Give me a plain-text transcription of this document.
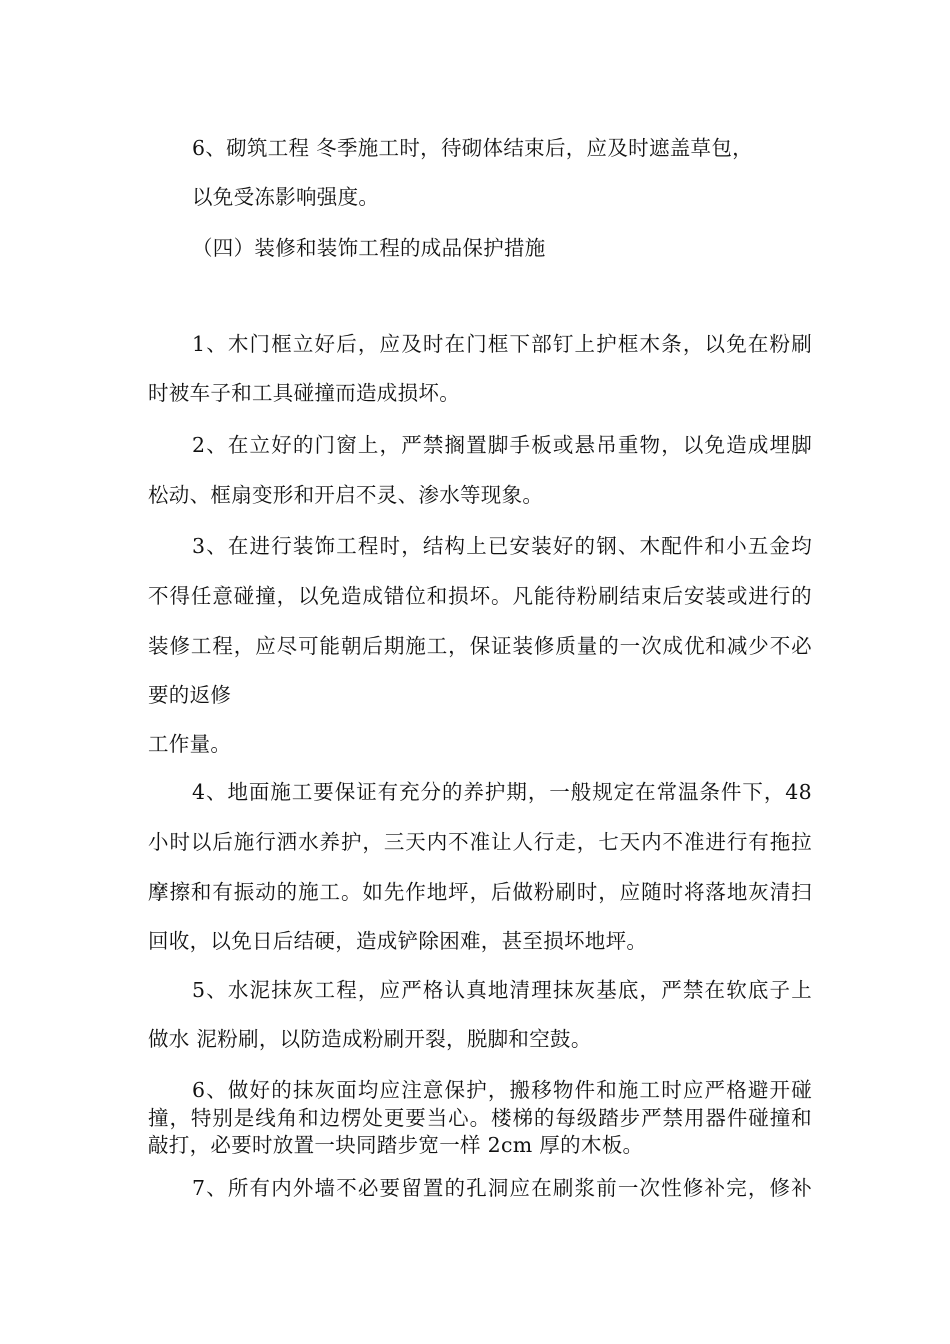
6、砌筑工程 冬季施工时，待砌体结束后，应及时遮盖草包，
以免受冻影响强度。
（四）装修和装饰工程的成品保护措施
1、木门框立好后，应及时在门框下部钉上护框木条，以免在粉刷
时被车子和工具碰撞而造成损坏。
2、在立好的门窗上，严禁搁置脚手板或悬吊重物，以免造成埋脚
松动、框扇变形和开启不灵、渗水等现象。
3、在进行装饰工程时，结构上已安装好的钢、木配件和小五金均
不得任意碰撞，以免造成错位和损坏。凡能待粉刷结束后安装或进行的
装修工程，应尽可能朝后期施工，保证装修质量的一次成优和减少不必
要的返修
工作量。
4、地面施工要保证有充分的养护期，一般规定在常温条件下，48
小时以后施行洒水养护，三天内不准让人行走，七天内不准进行有拖拉
摩擦和有振动的施工。如先作地坪，后做粉刷时，应随时将落地灰清扫
回收，以免日后结硬，造成铲除困难，甚至损坏地坪。
5、水泥抹灰工程，应严格认真地清理抹灰基底，严禁在软底子上
做水 泥粉刷，以防造成粉刷开裂，脱脚和空鼓。
6、做好的抹灰面均应注意保护，搬移物件和施工时应严格避开碰
撞，特别是线角和边楞处更要当心。楼梯的每级踏步严禁用器件碰撞和
敲打，必要时放置一块同踏步宽一样 2cm 厚的木板。
7、所有内外墙不必要留置的孔洞应在刷浆前一次性修补完，修补
